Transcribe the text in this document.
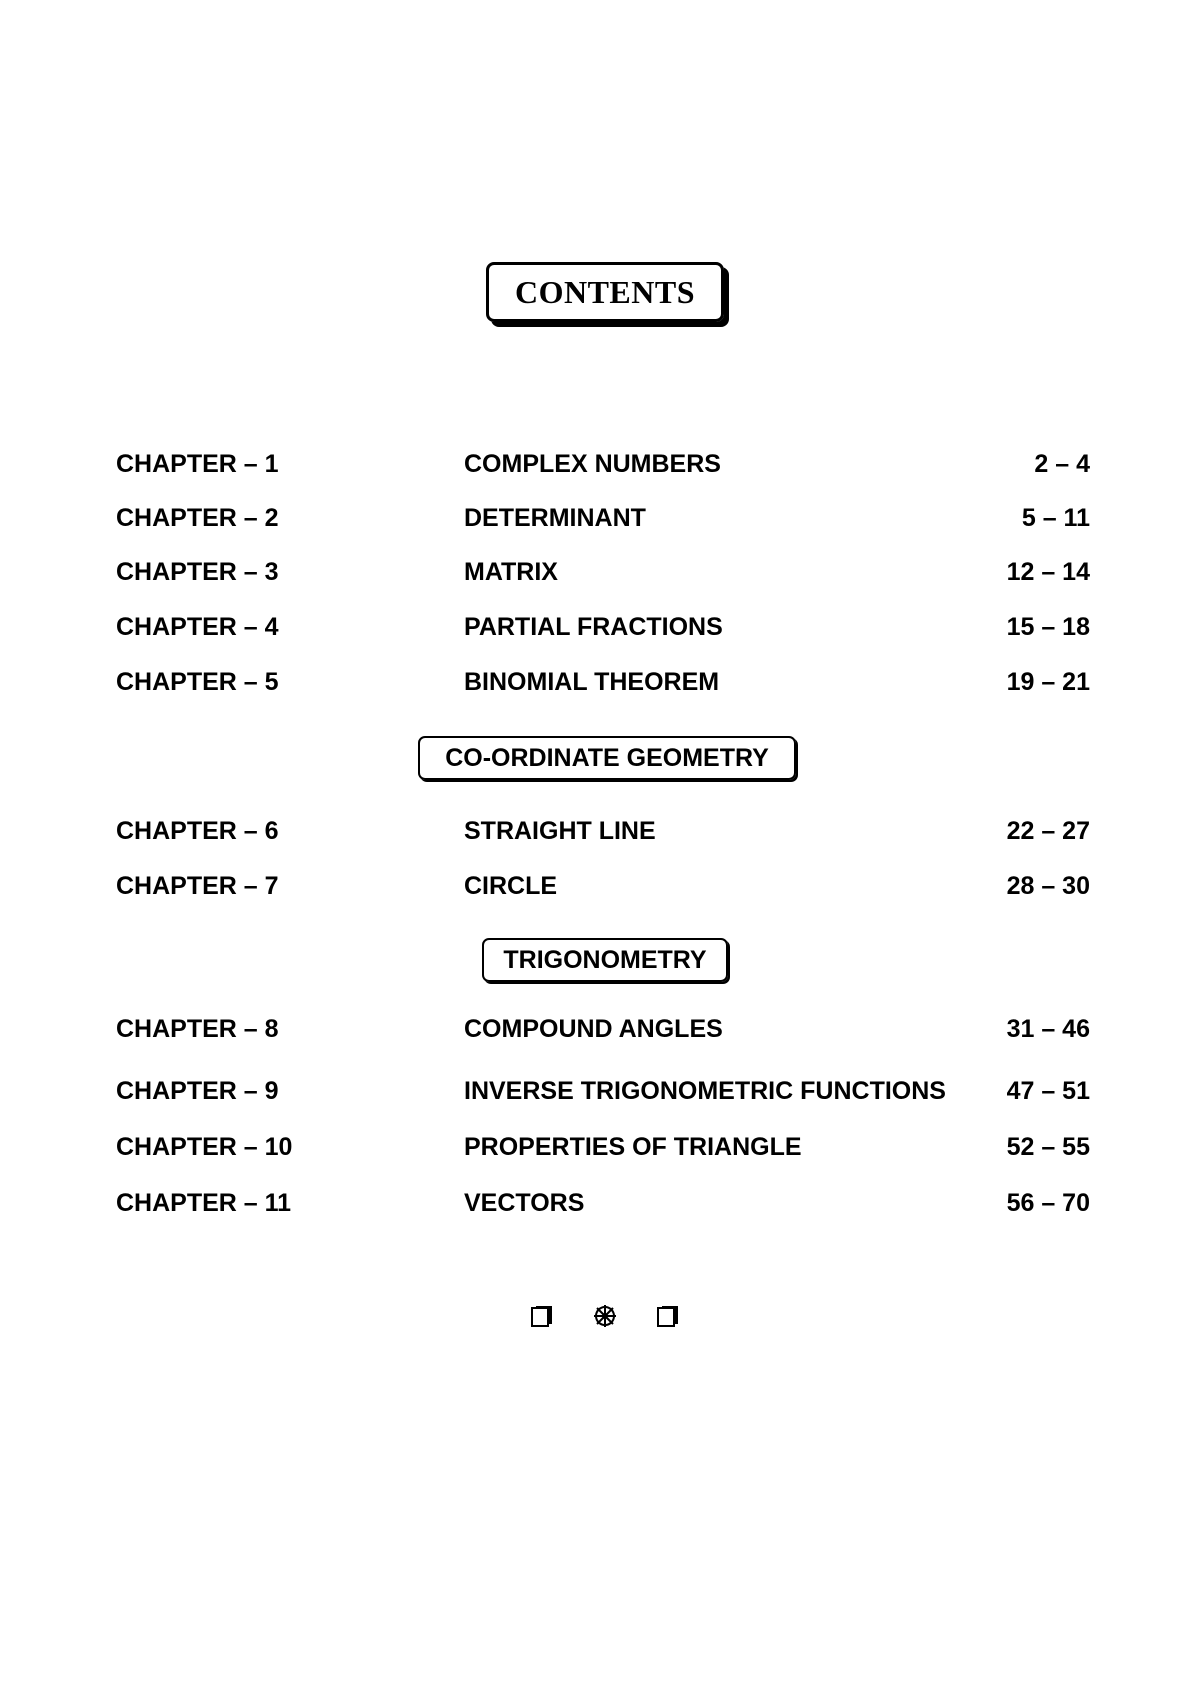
CONTENTS
CHAPTER – 1	COMPLEX NUMBERS	2 – 4
CHAPTER – 2	DETERMINANT	5 – 11
CHAPTER – 3	MATRIX	12 – 14
CHAPTER – 4	PARTIAL FRACTIONS	15 – 18
CHAPTER – 5	BINOMIAL THEOREM	19 – 21
CO-ORDINATE GEOMETRY
CHAPTER – 6	STRAIGHT LINE	22 – 27
CHAPTER – 7	CIRCLE	28 – 30
TRIGONOMETRY
CHAPTER – 8	COMPOUND ANGLES	31 – 46
CHAPTER – 9	INVERSE TRIGONOMETRIC FUNCTIONS 47 – 51
CHAPTER – 10	PROPERTIES OF TRIANGLE	52 – 55
CHAPTER – 11	VECTORS	56 – 70
